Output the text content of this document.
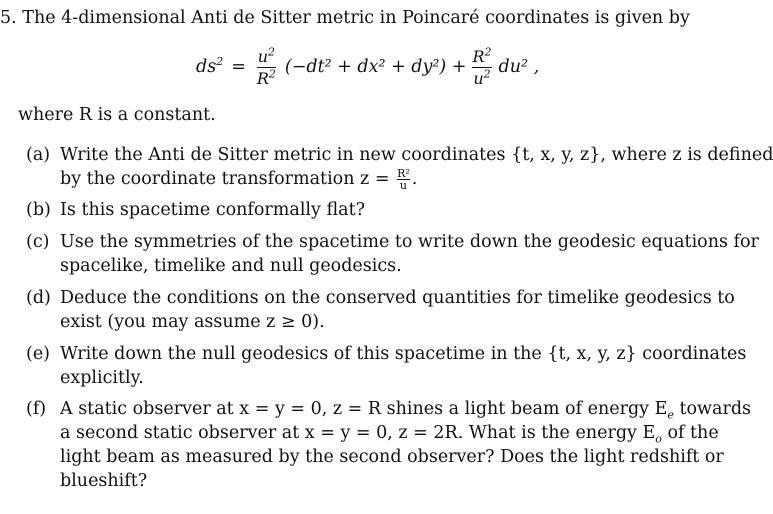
5. The 4-dimensional Anti de Sitter metric in Poincaré coordinates is given by
$ds^2 = \frac{u^2}{R^2} (-dt^2 + dx^2 + dy^2) + \frac{R^2}{u^2} du^2$ ,
where R is a constant.
(a) Write the Anti de Sitter metric in new coordinates {t, x, y, z}, where z is defined
by the coordinate transformation $z = \frac{\text{R²}}{u}$ .
(b) Is this spacetime conformally flat?
(c) Use the symmetries of the spacetime to write down the geodesic equations for
spacelike, timelike and null geodesics.
(d) Deduce the conditions on the conserved quantities for timelike geodesics to
exist (you may assume z ≥ 0).
(e) Write down the null geodesics of this spacetime in the {t, x, y, z} coordinates
explicitly.
(f) A static observer at x = y = 0, z = R shines a light beam of energy $E_e$ towards
a second static observer at x = y = 0, z = 2R. What is the energy $E_o$ of the
light beam as measured by the second observer? Does the light redshift or
blueshift?
